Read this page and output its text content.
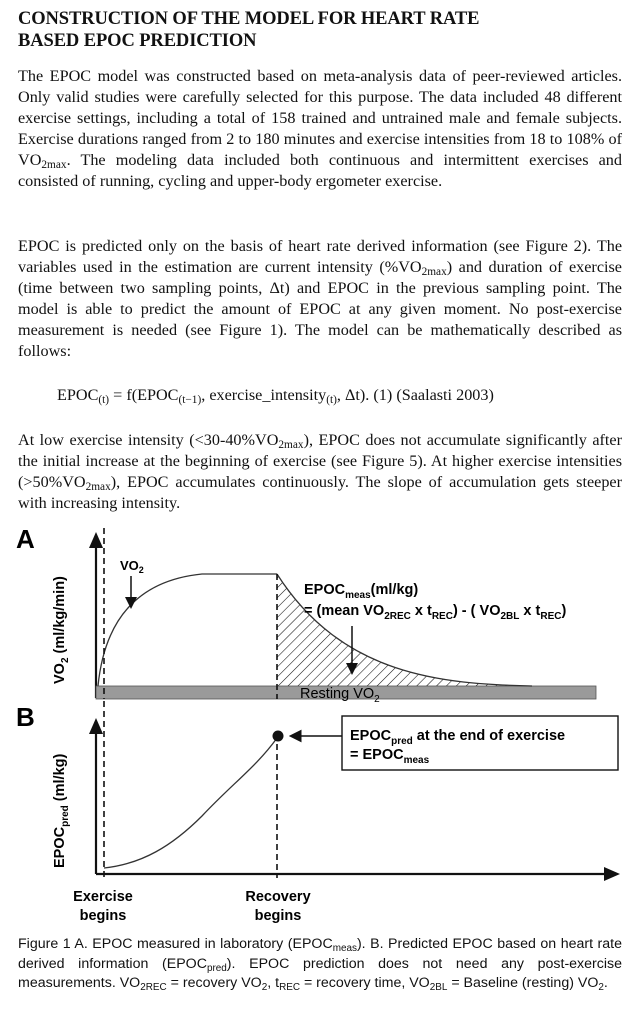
CONSTRUCTION OF THE MODEL FOR HEART RATE
BASED EPOC PREDICTION

The EPOC model was constructed based on meta-analysis data of peer-reviewed articles. Only valid studies were carefully selected for this purpose. The data included 48 different exercise settings, including a total of 158 trained and untrained male and female subjects. Exercise durations ranged from 2 to 180 minutes and exercise intensities from 18 to 108% of $VO_{2max}$. The modeling data included both continuous and intermittent exercises and consisted of running, cycling and upper-body ergometer exercise.

EPOC is predicted only on the basis of heart rate derived information (see Figure 2). The variables used in the estimation are current intensity $(\%VO_{2max})$ and duration of exercise (time between two sampling points, Δt) and EPOC in the previous sampling point. The model is able to predict the amount of EPOC at any given moment. No post-exercise measurement is needed (see Figure 1). The model can be mathematically described as follows:

$EPOC_{(t)}$ = $f(EPOC_{(t-1)}$, exercise_intensity$_{(t)}$, Δt). (1) (Saalasti 2003)

At low exercise intensity $(<30-40\%VO_{2max})$, EPOC does not accumulate significantly after the initial increase at the beginning of exercise (see Figure 5). At higher exercise intensities $(>50\%VO_{2max})$, EPOC accumulates continuously. The slope of accumulation gets steeper with increasing intensity.

A
$VO_2$ (ml/kg/min)
$VO_2$
$EPOC_{meas}(ml/kg)$
= (mean $VO_{2REC}$ x $t_{REC}$) - ( $VO_{2BL}$ x $t_{REC}$)
Resting $VO_2$
B
$EPOC_{pred}$ (ml/kg)
$EPOC_{pred}$ at the end of exercise
= $EPOC_{meas}$
Exercise
begins
Recovery
begins

Figure 1 A. EPOC measured in laboratory $(EPOC_{meas})$. B. Predicted EPOC based on heart rate derived information $(EPOC_{pred})$. EPOC prediction does not need any post-exercise measurements. $VO_{2REC}$ = recovery $VO_2$, $t_{REC}$ = recovery time, $VO_{2BL}$ = Baseline (resting) $VO_2$.
